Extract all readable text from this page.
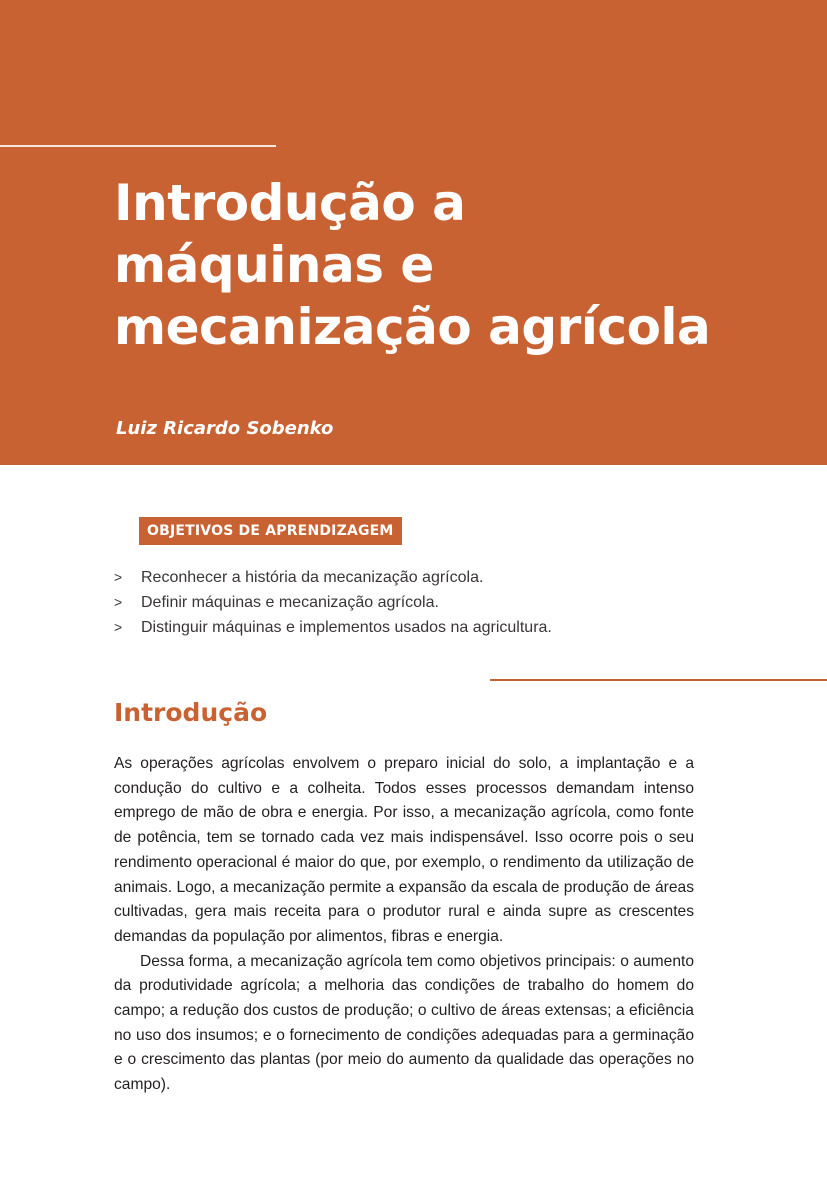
Introdução a
máquinas e
mecanização agrícola

Luiz Ricardo Sobenko

OBJETIVOS DE APRENDIZAGEM
> Reconhecer a história da mecanização agrícola.
> Definir máquinas e mecanização agrícola.
> Distinguir máquinas e implementos usados na agricultura.
Introdução

As operações agrícolas envolvem o preparo inicial do solo, a implantação e a condução do cultivo e a colheita. Todos esses processos demandam intenso emprego de mão de obra e energia. Por isso, a mecanização agrícola, como fonte de potência, tem se tornado cada vez mais indispensável. Isso ocorre pois o seu rendimento operacional é maior do que, por exemplo, o rendimento da utilização de animais. Logo, a mecanização permite a expansão da escala de produção de áreas cultivadas, gera mais receita para o produtor rural e ainda supre as crescentes demandas da população por alimentos, fibras e energia.

Dessa forma, a mecanização agrícola tem como objetivos principais: o aumento da produtividade agrícola; a melhoria das condições de trabalho do homem do campo; a redução dos custos de produção; o cultivo de áreas extensas; a eficiência no uso dos insumos; e o fornecimento de condições adequadas para a germinação e o crescimento das plantas (por meio do aumento da qualidade das operações no campo).
